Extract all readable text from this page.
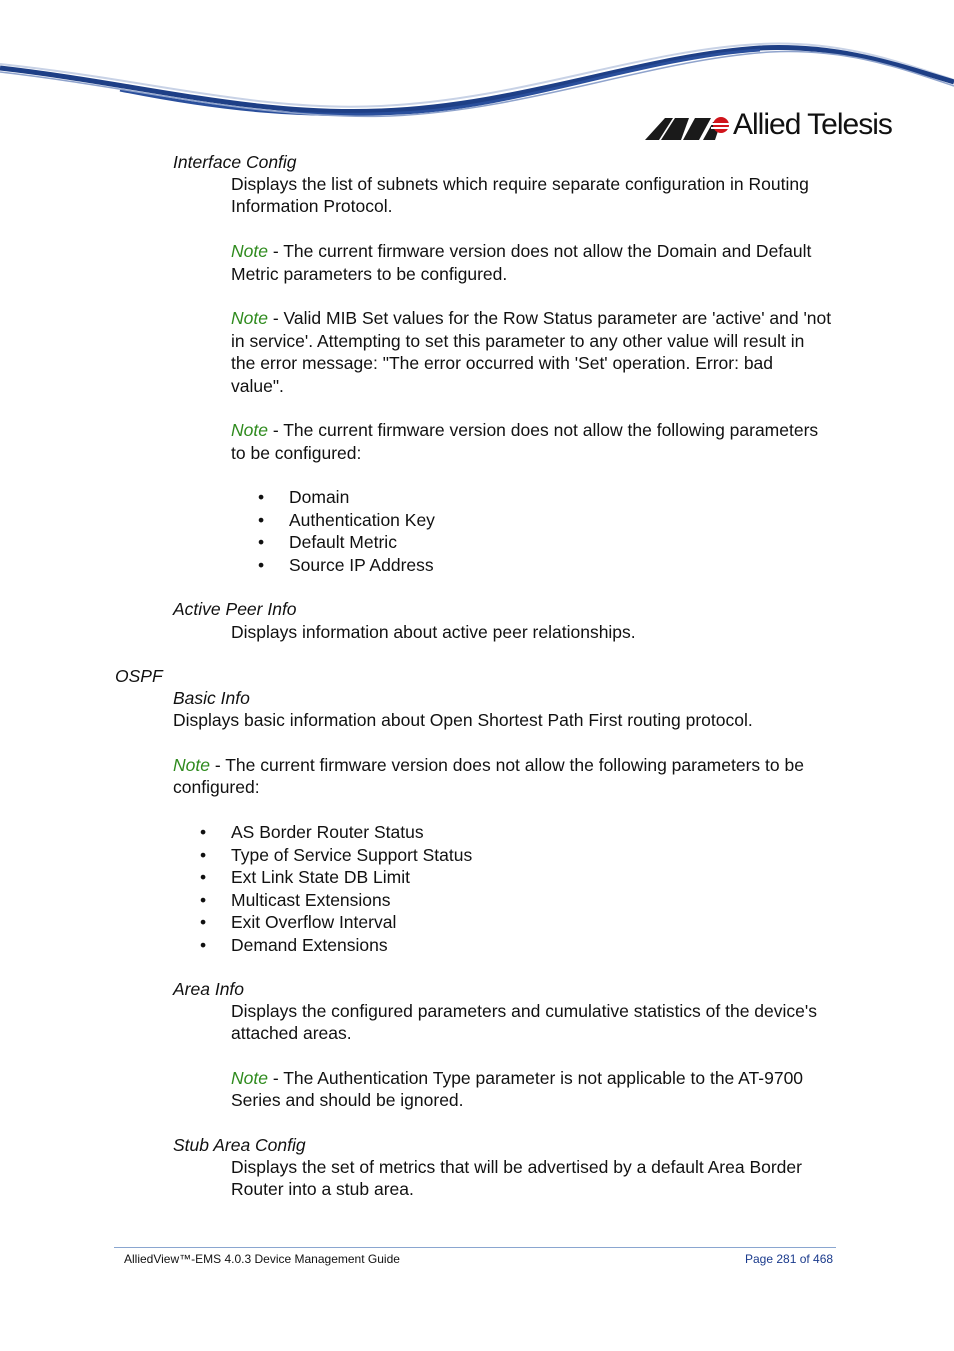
Allied Telesis
Interface Config
Displays the list of subnets which require separate configuration in Routing
Information Protocol.
Note - The current firmware version does not allow the Domain and Default
Metric parameters to be configured.
Note - Valid MIB Set values for the Row Status parameter are 'active' and 'not
in service'. Attempting to set this parameter to any other value will result in
the error message: "The error occurred with 'Set' operation. Error: bad
value".
Note - The current firmware version does not allow the following parameters
to be configured:
• Domain
• Authentication Key
• Default Metric
• Source IP Address
Active Peer Info
Displays information about active peer relationships.
OSPF
Basic Info
Displays basic information about Open Shortest Path First routing protocol.
Note - The current firmware version does not allow the following parameters to be
configured:
• AS Border Router Status
• Type of Service Support Status
• Ext Link State DB Limit
• Multicast Extensions
• Exit Overflow Interval
• Demand Extensions
Area Info
Displays the configured parameters and cumulative statistics of the device's
attached areas.
Note - The Authentication Type parameter is not applicable to the AT-9700
Series and should be ignored.
Stub Area Config
Displays the set of metrics that will be advertised by a default Area Border
Router into a stub area.
AlliedView™-EMS 4.0.3 Device Management Guide	Page 281 of 468
